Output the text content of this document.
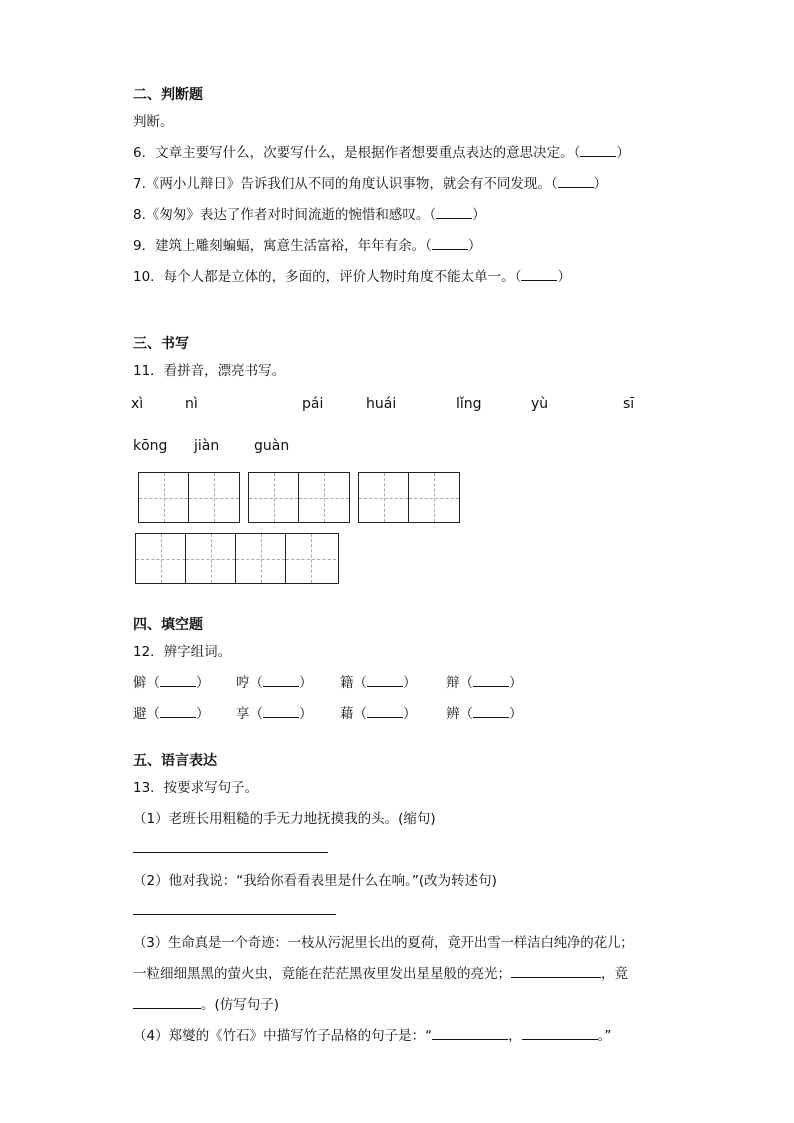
二、判断题
判断。
6．文章主要写什么，次要写什么，是根据作者想要重点表达的意思决定。（	）
7.《两小儿辩日》告诉我们从不同的角度认识事物，就会有不同发现。（	）
8.《匆匆》表达了作者对时间流逝的惋惜和感叹。（	）
9．建筑上雕刻蝙蝠，寓意生活富裕，年年有余。（	）
10．每个人都是立体的，多面的，评价人物时角度不能太单一。（	）
三、书写
11．看拼音，漂亮书写。
xì	nì	pái	huái	lǐng	yù	sī
kōng jiàn guàn
四、填空题
12．辨字组词。
僻（	） 哼（	） 籍（	） 辩（	）
避（	） 享（	） 藉（	） 辨（	）
五、语言表达
13．按要求写句子。
（1）老班长用粗糙的手无力地抚摸我的头。(缩句)
（2）他对我说：“我给你看看表里是什么在响。”(改为转述句)
（3）生命真是一个奇迹：一枝从污泥里长出的夏荷，竟开出雪一样洁白纯净的花儿；
一粒细细黑黑的萤火虫，竟能在茫茫黑夜里发出星星般的亮光；	，竟
。(仿写句子)
（4）郑燮的《竹石》中描写竹子品格的句子是：“	，	。”
